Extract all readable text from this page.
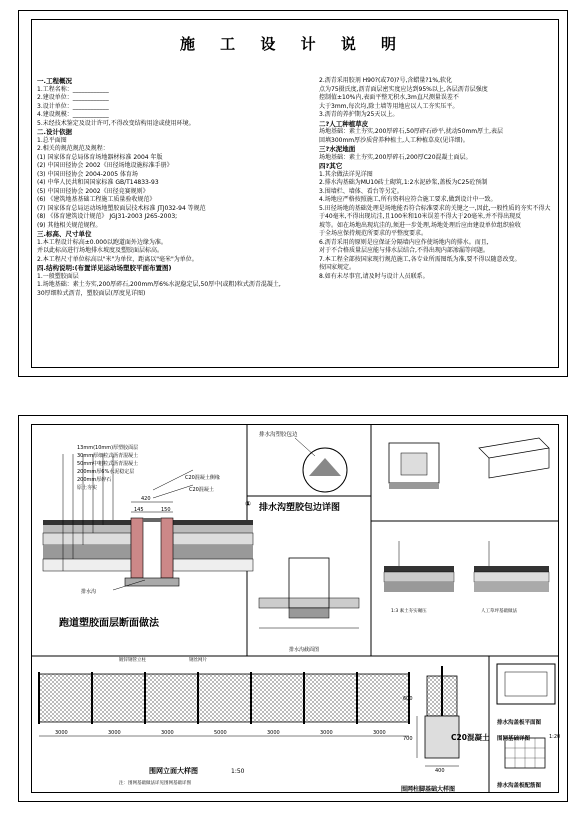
施 工 设 计 说 明

一.工程概况

1.工程名称：____________

2.建设单位：____________

3.设计单位：____________

4.建设规模：____________

5.未经技术鉴定及设计许可,不得改变结构用途或使用环境。

二.设计依据

1.总平面图

2.相关的规范规范及规程：

(1) 国家体育总局体育场地器材标准 2004 年版

(2) 中国田径协会 2002《田径场地设施标准手册》

(3) 中国田径协会 2004-2005 体育场

(4) 中华人民共和国国家标准 GB/T14833-93

(5) 中国田径协会 2002《田径竞赛规则》

(6) 《建筑地基基础工程施工质量验收规范》

(7) 国家体育总局运动场地塑胶面层技术标准 JTJ032-94 等规范

(8) 《体育建筑设计规范》 JGJ31-2003 J265-2003;

(9) 其他相关规范规程。

三.标高、尺寸单位

1.本工程设计标高±0.000以跑道面外边缘为准。

并以此标高进行场地排水坡度及塑胶面层标高。

2.本工程尺寸单位标高以"米"为单位，距离以"毫米"为单位。

四.结构说明:(布置详见运动场塑胶平面布置图)

1.一般塑胶面层

1.场地基础：素土夯实,200厚碎石,200mm厚6%水泥稳定层,50厚中(或粗)粒式沥青混凝土,

30厚细粒式沥青，塑胶面层(厚度见详图)

2.沥青采用胶剂 H90?(或70)?号,含蜡量?1%,软化

点为75摄氏度,沥青面层密实度应达到95%以上,各层沥青层强度

控制值±10%内,表面平整无积水,3m直尺测量误差不

大于3mm,每次均,除土墙等用地应以人工夯实压平。

3.沥青的养护期为25天以上。

二?人工种植草皮

场地基础：素土夯实,200厚碎石,50厚碎石砂平,扰动50mm厚土,表层

回填300mm厚沙质营养种植土,人工种植草皮(见详细)。

三?水泥地面

场地基础：素土夯实,200厚碎石,200厚C20混凝土面层。

四?其它

1.其余做法详见详图

2.排水沟基础为MU10砖土砌筑,1:2水泥砂浆,盖板为C25砼预制

3.围墙栏、墙体、看台等另定。

4.场地应严格按照施工,所有资料应符合施工要求,做到设计中一致。

5.田径场地的基础处理是场地能否符合标准要求的关键之一,因此,一般性质的夯实不得大

于40毫米,不得出现坑洼,且100米和10米误差不得大于20毫米,并不得出现反

坡等。如在场地出现坑洼的,须进一步处理,场地处理后应由建设单位组织验收

于全场应保持规范所要求的平整度要求。

6.沥青采用的原则是应保证分隔墙内应作使场地内的排水。而且,

对于不合格质量层应能与排水层结合,不得出现内部渗漏等问题。

7.本工程全部按国家现行规范施工,各专业所需图纸为准,要不得以随意改变。

按国家规定。

8.如有未尽事宜,请及时与设计人员联系。

13mm(10mm)厚塑胶面层
30mm厚细粒式沥青混凝土
50mm中粗粒式沥青混凝土
200mm厚6%水泥稳定层
200mm厚碎石
原土夯实
C20混凝土侧缘
C20混凝土
420
145	150
排水沟
跑道塑胶面层断面做法
排水沟塑胶包边
① 排水沟塑胶包边详图
排水沟截面图
1:3 素土夯实碾压	人工草坪基础做法
3000	3000	3000	5000	3000	3000	3000
镀锌钢管立柱	钢丝网片
围网立面大样图	1:50
注：围网基础做法详见围网基础详图
600
700
400
C20混凝土
围网柱脚基础大样图
排水沟盖板平面图
围网基础详图	1:20
排水沟盖板配筋图
